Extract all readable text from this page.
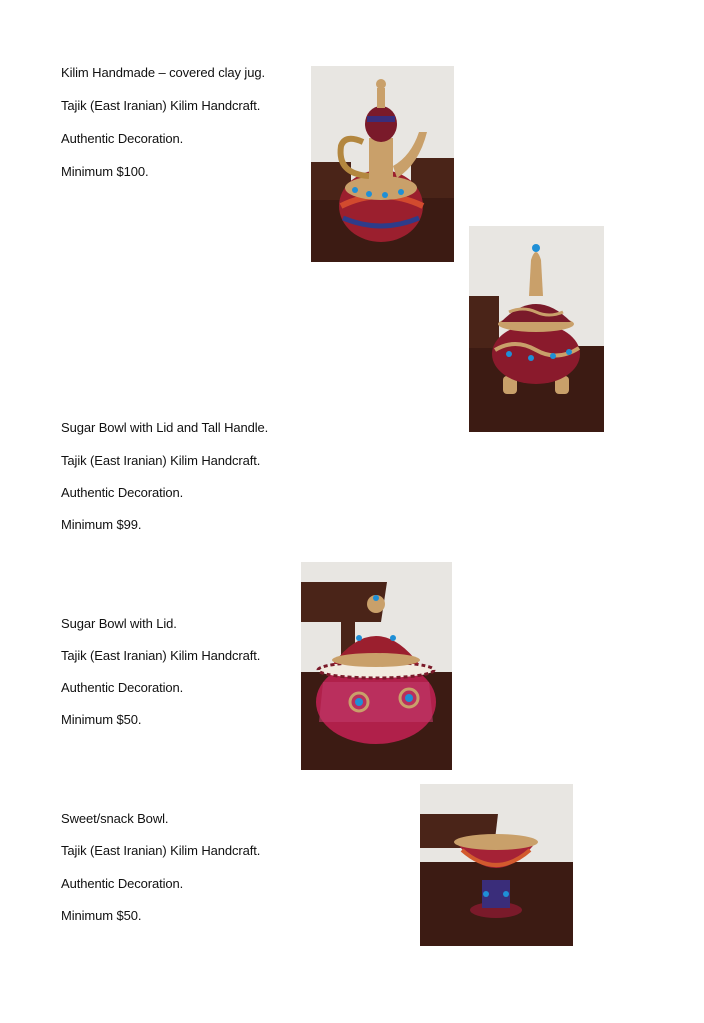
Kilim Handmade – covered clay jug.
Tajik (East Iranian) Kilim Handcraft.
Authentic Decoration.
Minimum $100.
Sugar Bowl with Lid and Tall Handle.
Tajik (East Iranian) Kilim Handcraft.
Authentic Decoration.
Minimum $99.
Sugar Bowl with Lid.
Tajik (East Iranian) Kilim Handcraft.
Authentic Decoration.
Minimum $50.
Sweet/snack Bowl.
Tajik (East Iranian) Kilim Handcraft.
Authentic Decoration.
Minimum $50.
